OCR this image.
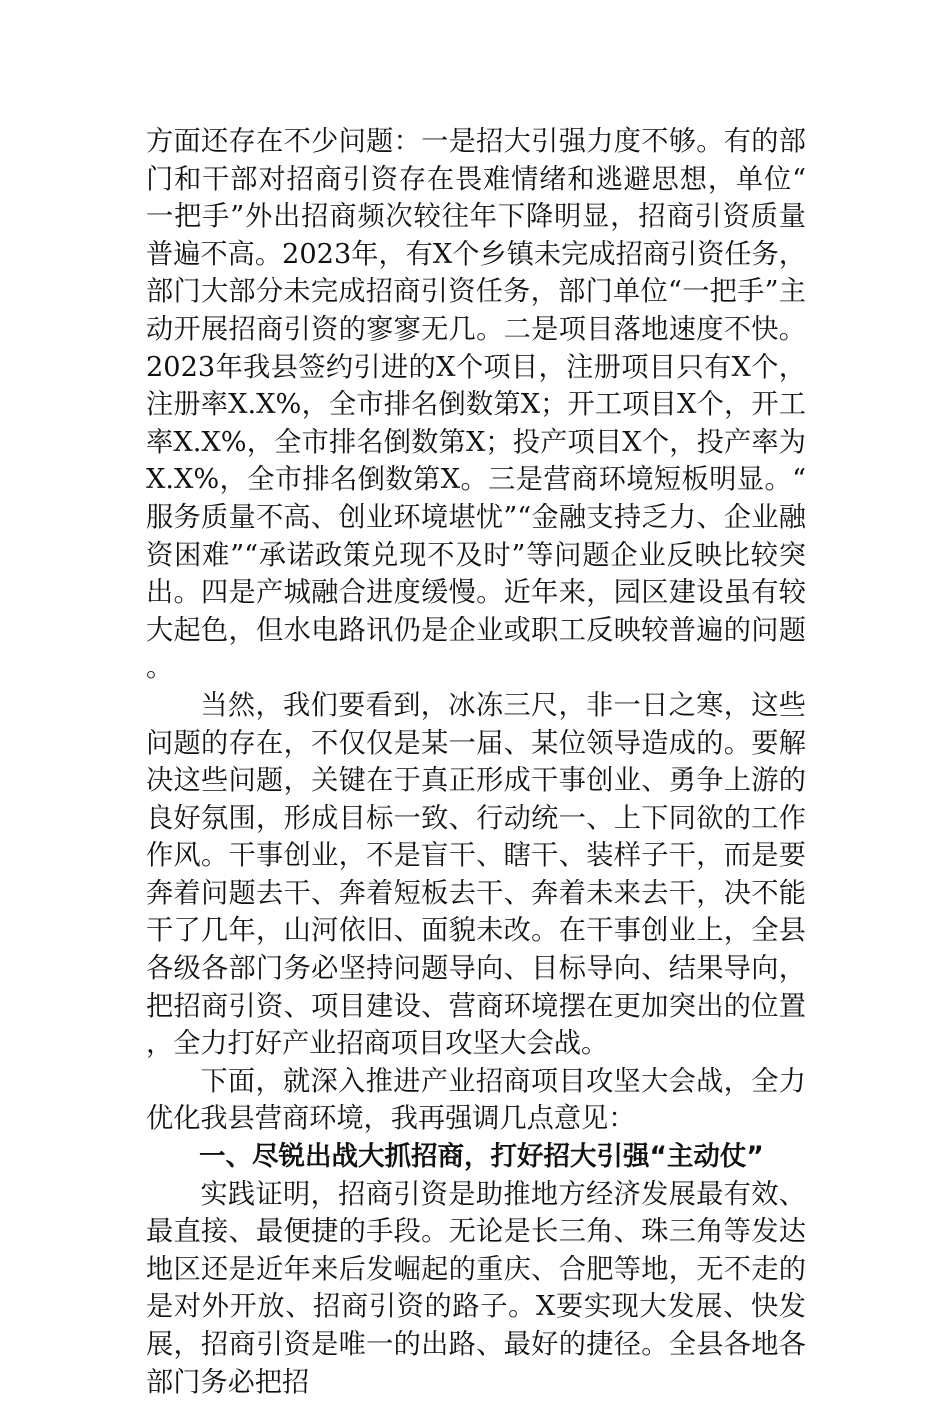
方面还存在不少问题：一是招大引强力度不够。有的部门和干部对招商引资存在畏难情绪和逃避思想，单位“一把手”外出招商频次较往年下降明显，招商引资质量普遍不高。2023年，有X个乡镇未完成招商引资任务，部门大部分未完成招商引资任务，部门单位“一把手”主动开展招商引资的寥寥无几。二是项目落地速度不快。2023年我县签约引进的X个项目，注册项目只有X个，注册率X.X%，全市排名倒数第X；开工项目X个，开工率X.X%，全市排名倒数第X；投产项目X个，投产率为X.X%，全市排名倒数第X。三是营商环境短板明显。“服务质量不高、创业环境堪忧”“金融支持乏力、企业融资困难”“承诺政策兑现不及时”等问题企业反映比较突出。四是产城融合进度缓慢。近年来，园区建设虽有较大起色，但水电路讯仍是企业或职工反映较普遍的问题。

当然，我们要看到，冰冻三尺，非一日之寒，这些问题的存在，不仅仅是某一届、某位领导造成的。要解决这些问题，关键在于真正形成干事创业、勇争上游的良好氛围，形成目标一致、行动统一、上下同欲的工作作风。干事创业，不是盲干、瞎干、装样子干，而是要奔着问题去干、奔着短板去干、奔着未来去干，决不能干了几年，山河依旧、面貌未改。在干事创业上，全县各级各部门务必坚持问题导向、目标导向、结果导向，把招商引资、项目建设、营商环境摆在更加突出的位置，全力打好产业招商项目攻坚大会战。

下面，就深入推进产业招商项目攻坚大会战，全力优化我县营商环境，我再强调几点意见：

一、尽锐出战大抓招商，打好招大引强“主动仗”

实践证明，招商引资是助推地方经济发展最有效、最直接、最便捷的手段。无论是长三角、珠三角等发达地区还是近年来后发崛起的重庆、合肥等地，无不走的是对外开放、招商引资的路子。X要实现大发展、快发展，招商引资是唯一的出路、最好的捷径。全县各地各部门务必把招
